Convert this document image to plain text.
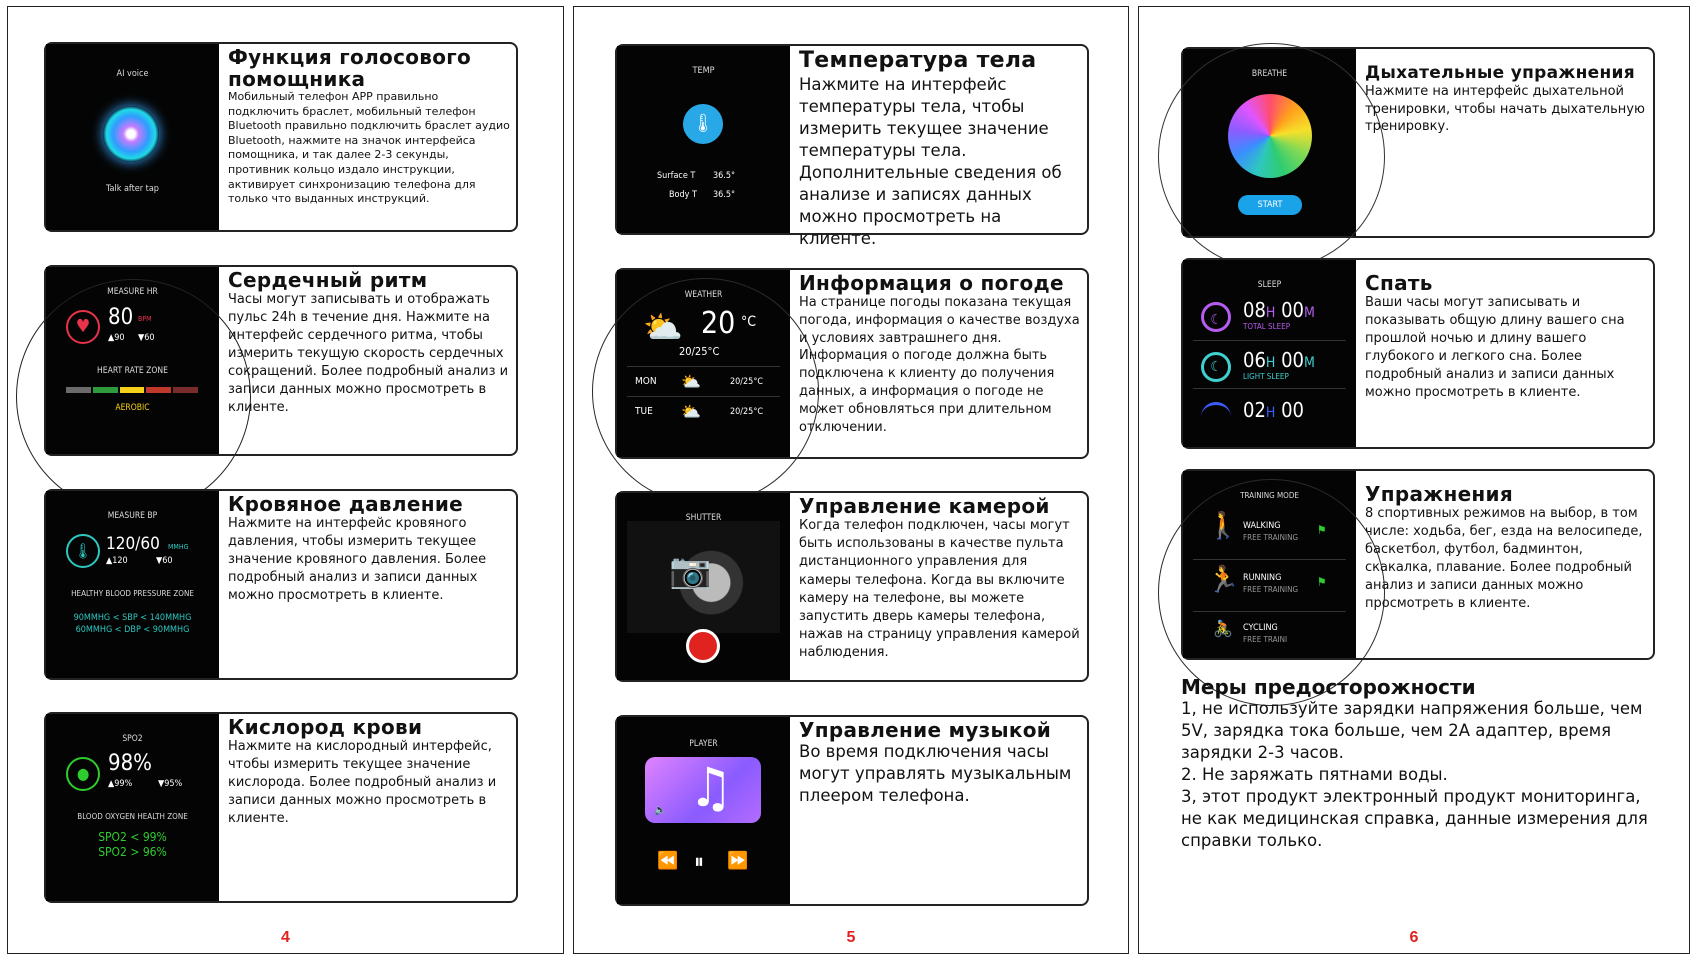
4	5	6
AI voice
Talk after tap
Функция голосового помощника
Мобильный телефон APP правильно подключить браслет, мобильный телефон Bluetooth правильно подключить браслет аудио Bluetooth, нажмите на значок интерфейса помощника, и так далее 2-3 секунды, противник кольцо издало инструкции, активирует синхронизацию телефона для только что выданных инструкций.
MEASURE HR
♥ 80 BPM
▲90 ▼60
HEART RATE ZONE
AEROBIC
Сердечный ритм
Часы могут записывать и отображать пульс 24h в течение дня. Нажмите на интерфейс сердечного ритма, чтобы измерить текущую скорость сердечных сокращений. Более подробный анализ и записи данных можно просмотреть в клиенте.
MEASURE BP
🌡 120/60 MMHG
▲120	▼60
HEALTHY BLOOD PRESSURE ZONE
90MMHG < SBP < 140MMHG
60MMHG < DBP < 90MMHG
Кровяное давление
Нажмите на интерфейс кровяного давления, чтобы измерить текущее значение кровяного давления. Более подробный анализ и записи данных можно просмотреть в клиенте.
SPO2
● 98%
▲99%	▼95%
BLOOD OXYGEN HEALTH ZONE
SPO2 < 99%
SPO2 > 96%
Кислород крови
Нажмите на кислородный интерфейс, чтобы измерить текущее значение кислорода. Более подробный анализ и записи данных можно просмотреть в клиенте.
TEMP
🌡
Surface T 36.5°
Body T 36.5°
Температура тела
Нажмите на интерфейс температуры тела, чтобы измерить текущее значение температуры тела. Дополнительные сведения об анализе и записях данных можно просмотреть на клиенте.
WEATHER
⛅ 20 °C
20/25°C
MON ⛅	20/25°C
TUE ⛅	20/25°C
Информация о погоде
На странице погоды показана текущая погода, информация о качестве воздуха и условиях завтрашнего дня. Информация о погоде должна быть подключена к клиенту до получения данных, а информация о погоде не может обновляться при длительном отключении.
📷
SHUTTER	Управление камерой
Когда телефон подключен, часы могут быть использованы в качестве пульта дистанционного управления для камеры телефона. Когда вы включите камеру на телефоне, вы можете запустить дверь камеры телефона, нажав на страницу управления камерой наблюдения.
PLAYER
♫
🔈
⏪ ⏸ ⏩
Управление музыкой
Во время подключения часы могут управлять музыкальным плеером телефона.
BREATHE
START
Дыхательные упражнения
Нажмите на интерфейс дыхательной тренировки, чтобы начать дыхательную тренировку.
SLEEP
☾	08H 00M
TOTAL SLEEP
☾	06H 00M
LIGHT SLEEP
02H 00
Спать
Ваши часы могут записывать и показывать общую длину вашего сна прошлой ночью и длину вашего глубокого и легкого сна. Более подробный анализ и записи данных можно просмотреть в клиенте.
TRAINING MODE
🚶 WALKING
FREE TRAINING
⚑
🏃 RUNNING
FREE TRAINING
⚑
🚴 CYCLING
FREE TRAINI
Упражнения
8 спортивных режимов на выбор, в том числе: ходьба, бег, езда на велосипеде, баскетбол, футбол, бадминтон, скакалка, плавание. Более подробный анализ и записи данных можно просмотреть в клиенте.
Меры предосторожности
1, не используйте зарядки напряжения больше, чем 5V, зарядка тока больше, чем 2A адаптер, время зарядки 2-3 часов.
2. Не заряжать пятнами воды.
3, этот продукт электронный продукт мониторинга, не как медицинская справка, данные измерения для справки только.
